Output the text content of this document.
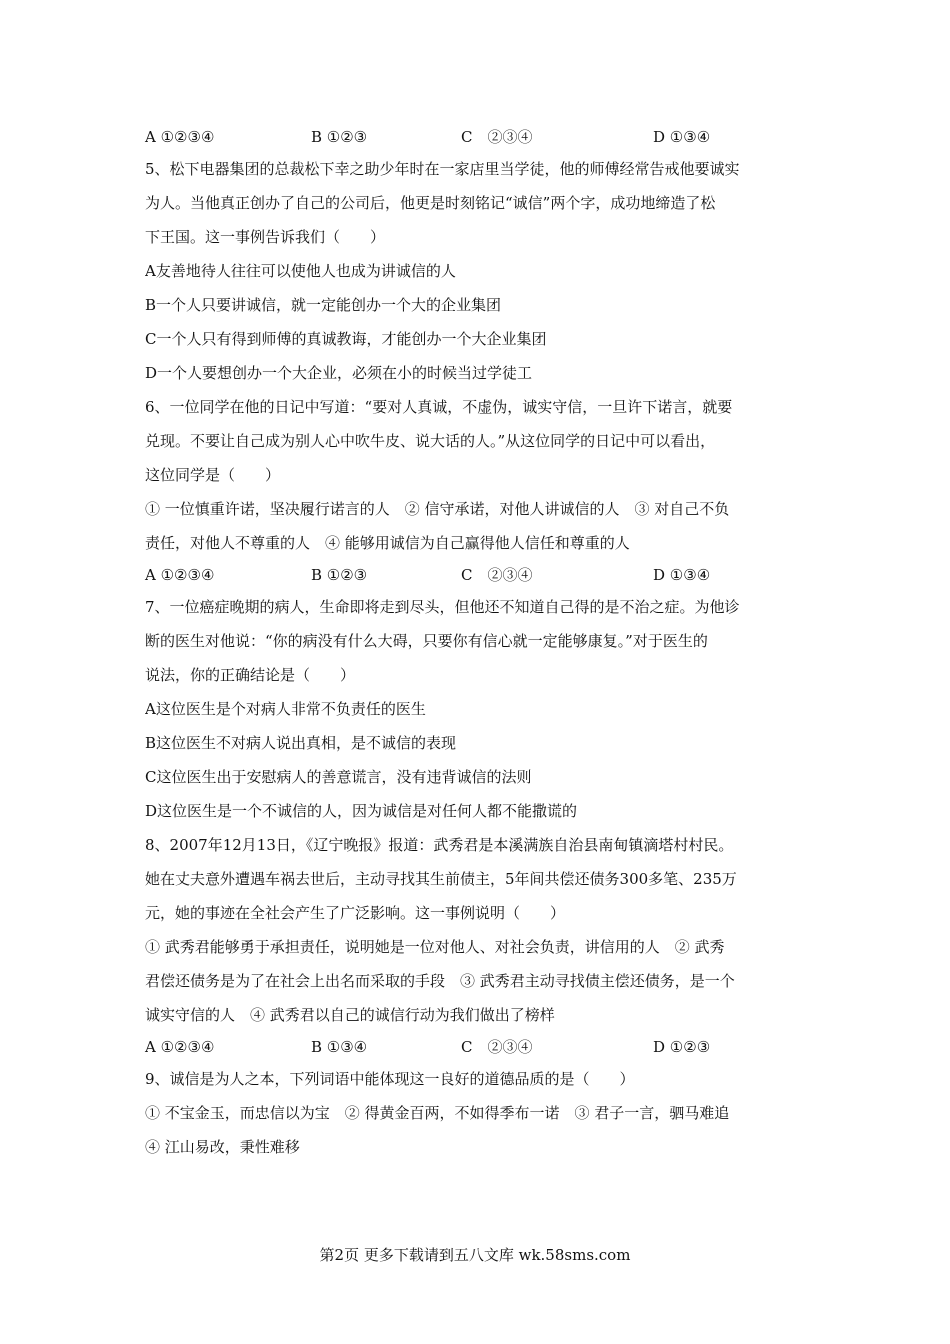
A ①②③④	B ①②③	C　②③④	D ①③④
5、松下电器集团的总裁松下幸之助少年时在一家店里当学徒，他的师傅经常告戒他要诚实
为人。当他真正创办了自己的公司后，他更是时刻铭记“诚信”两个字，成功地缔造了松
下王国。这一事例告诉我们（　　）
A友善地待人往往可以使他人也成为讲诚信的人
B一个人只要讲诚信，就一定能创办一个大的企业集团
C一个人只有得到师傅的真诚教诲，才能创办一个大企业集团
D一个人要想创办一个大企业，必须在小的时候当过学徒工
6、一位同学在他的日记中写道：“要对人真诚，不虚伪，诚实守信，一旦许下诺言，就要
兑现。不要让自己成为别人心中吹牛皮、说大话的人。”从这位同学的日记中可以看出，
这位同学是（　　）
① 一位慎重许诺，坚决履行诺言的人　② 信守承诺，对他人讲诚信的人　③ 对自己不负
责任，对他人不尊重的人　④ 能够用诚信为自己赢得他人信任和尊重的人
A ①②③④	B ①②③	C　②③④	D ①③④
7、一位癌症晚期的病人，生命即将走到尽头，但他还不知道自己得的是不治之症。为他诊
断的医生对他说：“你的病没有什么大碍，只要你有信心就一定能够康复。”对于医生的
说法，你的正确结论是（　　）
A这位医生是个对病人非常不负责任的医生
B这位医生不对病人说出真相，是不诚信的表现
C这位医生出于安慰病人的善意谎言，没有违背诚信的法则
D这位医生是一个不诚信的人，因为诚信是对任何人都不能撒谎的
8、2007年12月13日，《辽宁晚报》报道：武秀君是本溪满族自治县南甸镇滴塔村村民。
她在丈夫意外遭遇车祸去世后，主动寻找其生前债主，5年间共偿还债务300多笔、235万
元，她的事迹在全社会产生了广泛影响。这一事例说明（　　）
① 武秀君能够勇于承担责任，说明她是一位对他人、对社会负责，讲信用的人　② 武秀
君偿还债务是为了在社会上出名而采取的手段　③ 武秀君主动寻找债主偿还债务，是一个
诚实守信的人　④ 武秀君以自己的诚信行动为我们做出了榜样
A ①②③④	B ①③④	C　②③④	D ①②③
9、诚信是为人之本，下列词语中能体现这一良好的道德品质的是（　　）
① 不宝金玉，而忠信以为宝　② 得黄金百两，不如得季布一诺　③ 君子一言，驷马难追
④ 江山易改，秉性难移
第2页 更多下载请到五八文库 wk.58sms.com
